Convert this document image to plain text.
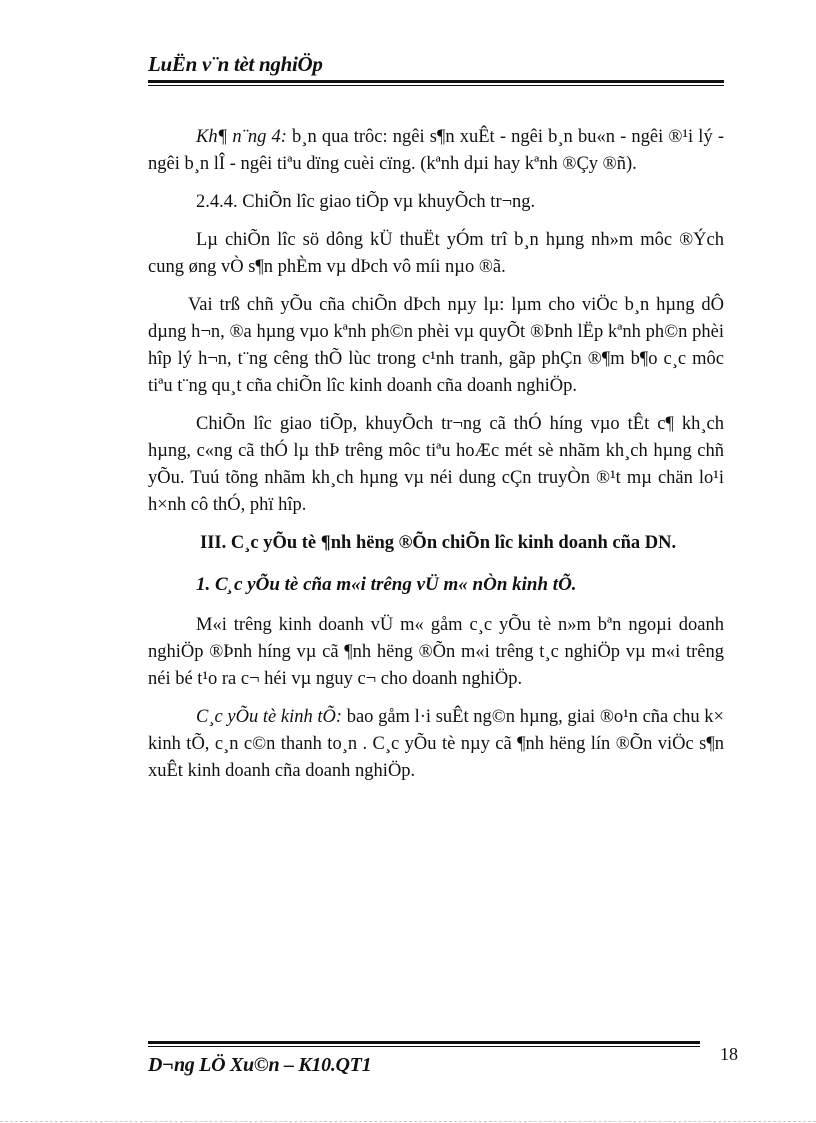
LuËn v¨n tèt nghiÖp

Kh¶ n¨ng 4: b¸n qua trôc: ngêi s¶n xuÊt - ngêi b¸n bu«n - ngêi ®¹i lý - ngêi b¸n lÎ - ngêi tiªu dïng cuèi cïng. (kªnh dµi hay kªnh ®Çy ®ñ).

2.4.4. ChiÕn lîc giao tiÕp vµ khuyÕch tr¬ng.

Lµ chiÕn lîc sö dông kÜ thuËt yÓm trî b¸n hµng nh»m môc ®Ých cung øng vÒ s¶n phÈm vµ dÞch vô míi nµo ®ã.

Vai trß chñ yÕu cña chiÕn dÞch nµy lµ: lµm cho viÖc b¸n hµng dÔ dµng h¬n, ®a hµng vµo kªnh ph©n phèi vµ quyÕt ®Þnh lËp kªnh ph©n phèi hîp lý h¬n, t¨ng cêng thÕ lùc trong c¹nh tranh, gãp phÇn ®¶m b¶o c¸c môc tiªu t¨ng qu¸t cña chiÕn lîc kinh doanh cña doanh nghiÖp.

ChiÕn lîc giao tiÕp, khuyÕch tr¬ng cã thÓ híng vµo tÊt c¶ kh¸ch hµng, c«ng cã thÓ lµ thÞ trêng môc tiªu hoÆc mét sè nhãm kh¸ch hµng chñ yÕu. Tuú tõng nhãm kh¸ch hµng vµ néi dung cÇn truyÒn ®¹t mµ chän lo¹i h×nh cô thÓ, phï hîp.

III. C¸c yÕu tè ¶nh hëng ®Õn chiÕn lîc kinh doanh cña DN.
1. C¸c yÕu tè cña m«i trêng vÜ m« nÒn kinh tÕ.

M«i trêng kinh doanh vÜ m« gåm c¸c yÕu tè n»m bªn ngoµi doanh nghiÖp ®Þnh híng vµ cã ¶nh hëng ®Õn m«i trêng t¸c nghiÖp vµ m«i trêng néi bé t¹o ra c¬ héi vµ nguy c¬ cho doanh nghiÖp.

C¸c yÕu tè kinh tÕ: bao gåm l·i suÊt ng©n hµng, giai ®o¹n cña chu k× kinh tÕ, c¸n c©n thanh to¸n . C¸c yÕu tè nµy cã ¶nh hëng lín ®Õn viÖc s¶n xuÊt kinh doanh cña doanh nghiÖp.

D¬ng LÖ Xu©n – K10.QT1	18
